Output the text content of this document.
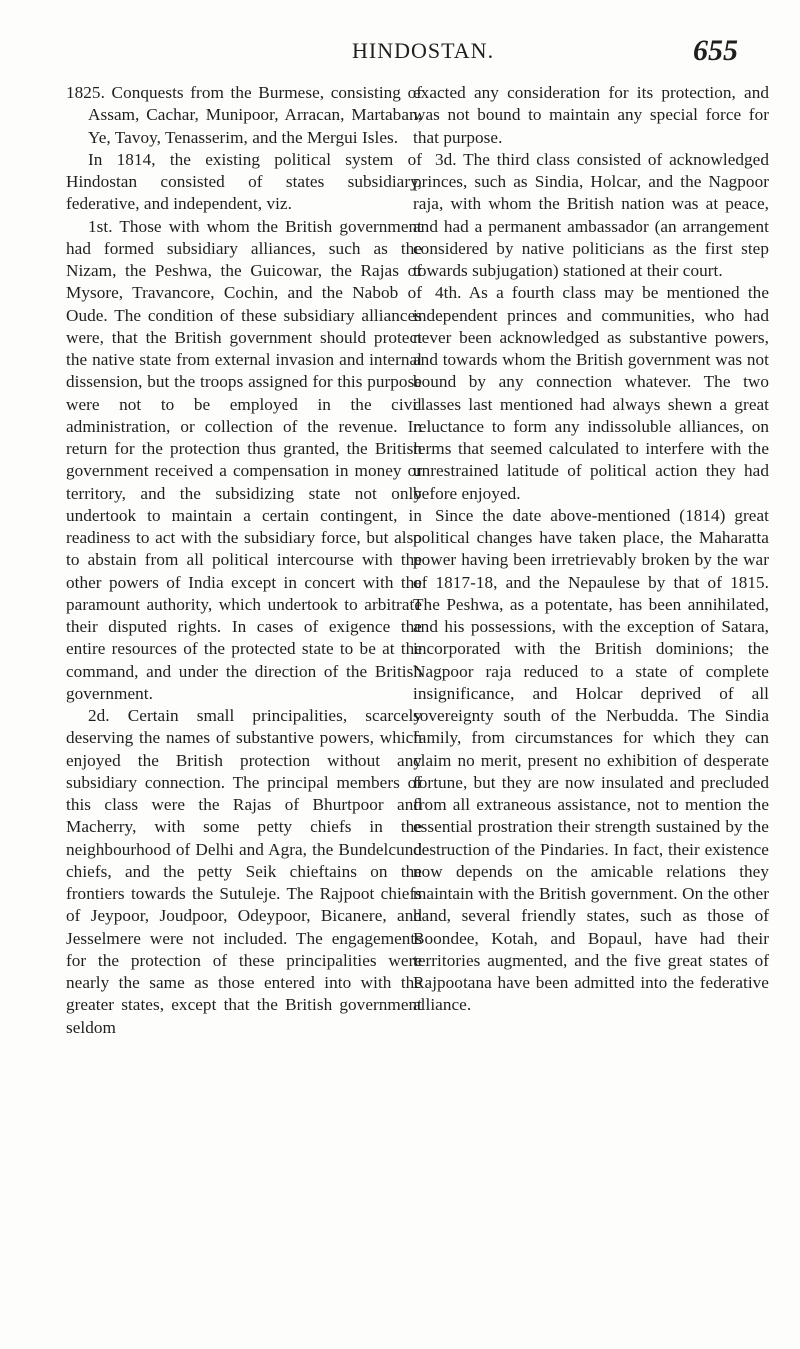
HINDOSTAN.	655

1825. Conquests from the Burmese, consisting of Assam, Cachar, Munipoor, Arracan, Martaban, Ye, Tavoy, Tenasserim, and the Mergui Isles.

In 1814, the existing political system of Hindostan consisted of states subsidiary, federative, and independent, viz.

1st. Those with whom the British government had formed subsidiary alliances, such as the Nizam, the Peshwa, the Guicowar, the Rajas of Mysore, Travancore, Cochin, and the Nabob of Oude. The condition of these subsidiary alliances were, that the British government should protect the native state from external invasion and internal dissension, but the troops assigned for this purpose were not to be employed in the civil administration, or collection of the revenue. In return for the protection thus granted, the British government received a compensation in money or territory, and the subsidizing state not only undertook to maintain a certain contingent, in readiness to act with the subsidiary force, but also to abstain from all political intercourse with the other powers of India except in concert with the paramount authority, which undertook to arbitrate their disputed rights. In cases of exigence the entire resources of the protected state to be at the command, and under the direction of the British government.

2d. Certain small principalities, scarcely deserving the names of substantive powers, which enjoyed the British protection without any subsidiary connection. The principal members of this class were the Rajas of Bhurtpoor and Macherry, with some petty chiefs in the neighbourhood of Delhi and Agra, the Bundelcund chiefs, and the petty Seik chieftains on the frontiers towards the Sutuleje. The Rajpoot chiefs of Jeypoor, Joudpoor, Odeypoor, Bicanere, and Jesselmere were not included. The engagements for the protection of these principalities were nearly the same as those entered into with the greater states, except that the British government seldom

exacted any consideration for its protection, and was not bound to maintain any special force for that purpose.

3d. The third class consisted of acknowledged princes, such as Sindia, Holcar, and the Nagpoor raja, with whom the British nation was at peace, and had a permanent ambassador (an arrangement considered by native politicians as the first step towards subjugation) stationed at their court.

4th. As a fourth class may be mentioned the independent princes and communities, who had never been acknowledged as substantive powers, and towards whom the British government was not bound by any connection whatever. The two classes last mentioned had always shewn a great reluctance to form any indissoluble alliances, on terms that seemed calculated to interfere with the unrestrained latitude of political action they had before enjoyed.

Since the date above-mentioned (1814) great political changes have taken place, the Maharatta power having been irretrievably broken by the war of 1817-18, and the Nepaulese by that of 1815. The Peshwa, as a potentate, has been annihilated, and his possessions, with the exception of Satara, incorporated with the British dominions; the Nagpoor raja reduced to a state of complete insignificance, and Holcar deprived of all sovereignty south of the Nerbudda. The Sindia family, from circumstances for which they can claim no merit, present no exhibition of desperate fortune, but they are now insulated and precluded from all extraneous assistance, not to mention the essential prostration their strength sustained by the destruction of the Pindaries. In fact, their existence now depends on the amicable relations they maintain with the British government. On the other hand, several friendly states, such as those of Boondee, Kotah, and Bopaul, have had their territories augmented, and the five great states of Rajpootana have been admitted into the federative alliance.
